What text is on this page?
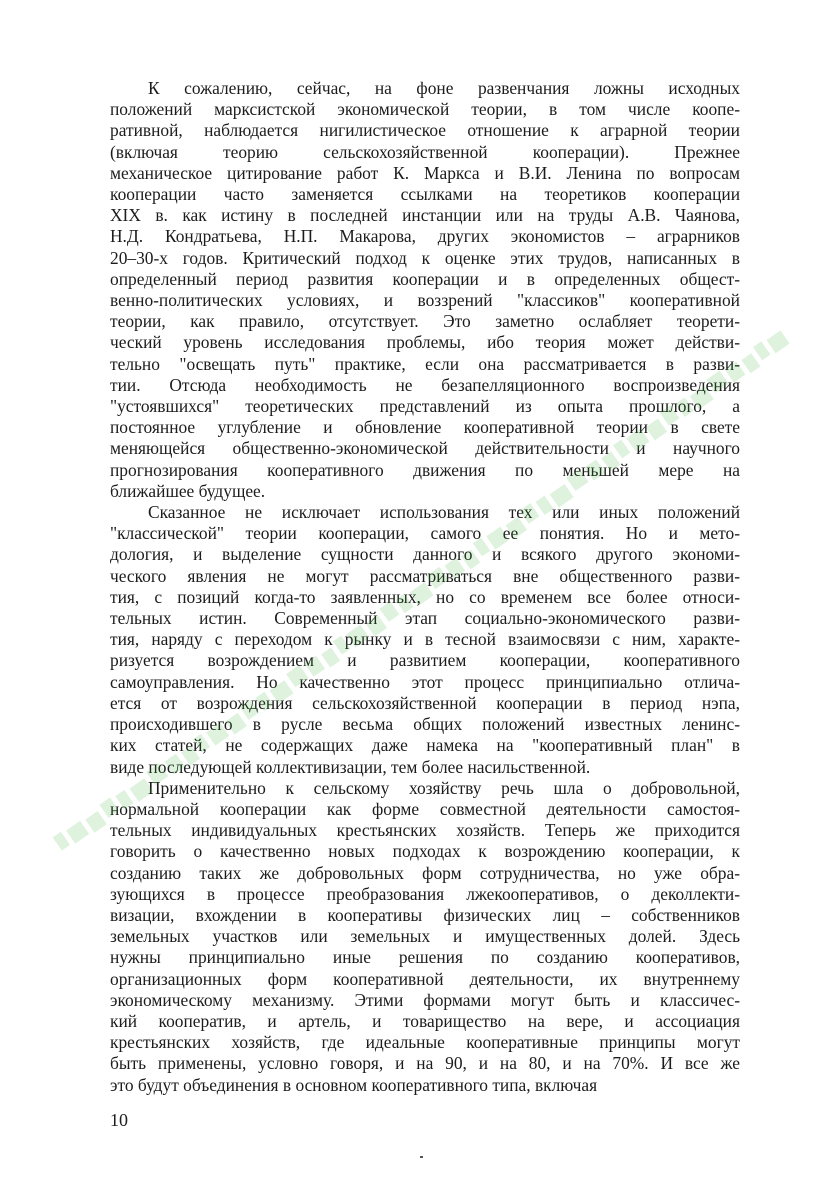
К сожалению, сейчас, на фоне развенчания ложны исходных
положений марксистской экономической теории, в том числе коопе-
ративной, наблюдается нигилистическое отношение к аграрной теории
(включая теорию сельскохозяйственной кооперации). Прежнее
механическое цитирование работ К. Маркса и В.И. Ленина по вопросам
кооперации часто заменяется ссылками на теоретиков кооперации
XIX в. как истину в последней инстанции или на труды А.В. Чаянова,
Н.Д. Кондратьева, Н.П. Макарова, других экономистов – аграрников
20–30-х годов. Критический подход к оценке этих трудов, написанных в
определенный период развития кооперации и в определенных общест-
венно-политических условиях, и воззрений "классиков" кооперативной
теории, как правило, отсутствует. Это заметно ослабляет теорети-
ческий уровень исследования проблемы, ибо теория может действи-
тельно "освещать путь" практике, если она рассматривается в разви-
тии. Отсюда необходимость не безапелляционного воспроизведения
"устоявшихся" теоретических представлений из опыта прошлого, а
постоянное углубление и обновление кооперативной теории в свете
меняющейся общественно-экономической действительности и научного
прогнозирования кооперативного движения по меньшей мере на
ближайшее будущее.
Сказанное не исключает использования тех или иных положений
"классической" теории кооперации, самого ее понятия. Но и мето-
дология, и выделение сущности данного и всякого другого экономи-
ческого явления не могут рассматриваться вне общественного разви-
тия, с позиций когда-то заявленных, но со временем все более относи-
тельных истин. Современный этап социально-экономического разви-
тия, наряду с переходом к рынку и в тесной взаимосвязи с ним, характе-
ризуется возрождением и развитием кооперации, кооперативного
самоуправления. Но качественно этот процесс принципиально отлича-
ется от возрождения сельскохозяйственной кооперации в период нэпа,
происходившего в русле весьма общих положений известных ленинс-
ких статей, не содержащих даже намека на "кооперативный план" в
виде последующей коллективизации, тем более насильственной.
Применительно к сельскому хозяйству речь шла о добровольной,
нормальной кооперации как форме совместной деятельности самостоя-
тельных индивидуальных крестьянских хозяйств. Теперь же приходится
говорить о качественно новых подходах к возрождению кооперации, к
созданию таких же добровольных форм сотрудничества, но уже обра-
зующихся в процессе преобразования лжекооперативов, о деколлекти-
визации, вхождении в кооперативы физических лиц – собственников
земельных участков или земельных и имущественных долей. Здесь
нужны принципиально иные решения по созданию кооперативов,
организационных форм кооперативной деятельности, их внутреннему
экономическому механизму. Этими формами могут быть и классичес-
кий кооператив, и артель, и товарищество на вере, и ассоциация
крестьянских хозяйств, где идеальные кооперативные принципы могут
быть применены, условно говоря, и на 90, и на 80, и на 70%. И все же
это будут объединения в основном кооперативного типа, включая
10
